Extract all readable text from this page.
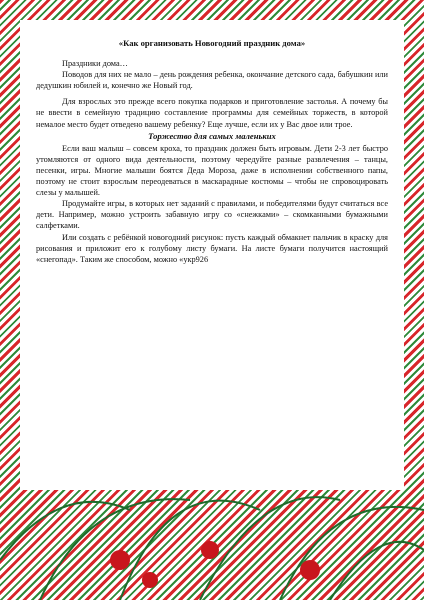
«Как организовать Новогодний праздник дома»

Праздники дома…

Поводов для них не мало – день рождения ребенка, окончание детского сада, бабушкин или дедушкин юбилей и, конечно же Новый год.

Для взрослых это прежде всего покупка подарков и приготовление застолья. А почему бы не ввести в семейную традицию составление программы для семейных торжеств, в которой немалое место будет отведено вашему ребенку? Еще лучше, если их у Вас двое или трое.

Торжество для самых маленьких

Если ваш малыш – совсем кроха, то праздник должен быть игровым. Дети 2-3 лет быстро утомляются от одного вида деятельности, поэтому чередуйте разные развлечения – танцы, песенки, игры. Многие малыши боятся Деда Мороза, даже в исполнении собственного папы, поэтому не стоит взрослым переодеваться в маскарадные костюмы – чтобы не спровоцировать слезы у малышей.

Продумайте игры, в которых нет заданий с правилами, и победителями будут считаться все дети. Например, можно устроить забавную игру со «снежками» – скомканными бумажными салфетками.

Или создать с ребёнкой новогодний рисунок: пусть каждый обмакнет пальчик в краску для рисования и приложит его к голубому листу бумаги. На листе бумаги получится настоящий «снегопад». Таким же способом, можно «укр926
